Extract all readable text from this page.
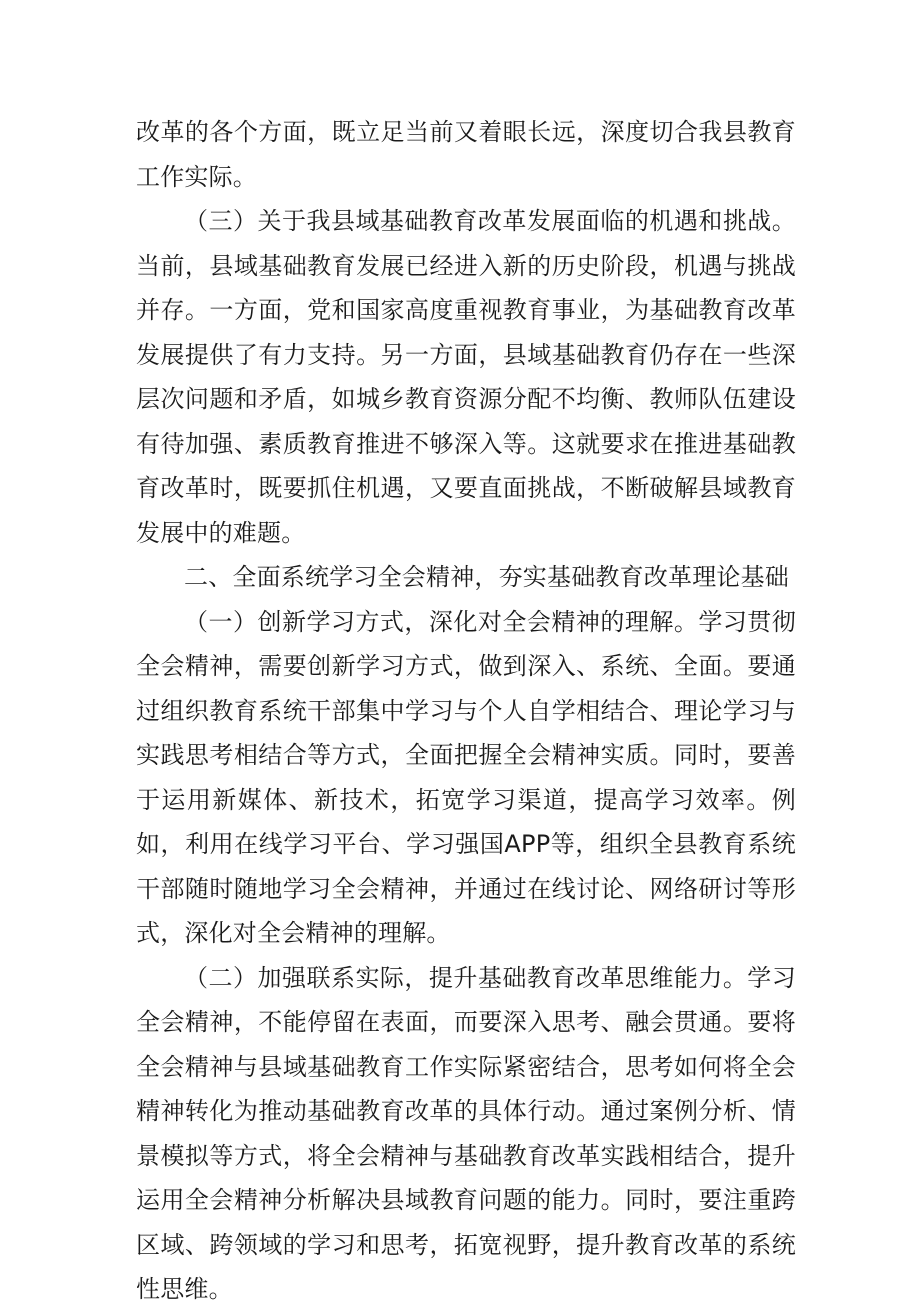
改革的各个方面，既立足当前又着眼长远，深度切合我县教育工作实际。

（三）关于我县域基础教育改革发展面临的机遇和挑战。当前，县域基础教育发展已经进入新的历史阶段，机遇与挑战并存。一方面，党和国家高度重视教育事业，为基础教育改革发展提供了有力支持。另一方面，县域基础教育仍存在一些深层次问题和矛盾，如城乡教育资源分配不均衡、教师队伍建设有待加强、素质教育推进不够深入等。这就要求在推进基础教育改革时，既要抓住机遇，又要直面挑战，不断破解县域教育发展中的难题。

二、全面系统学习全会精神，夯实基础教育改革理论基础

（一）创新学习方式，深化对全会精神的理解。学习贯彻全会精神，需要创新学习方式，做到深入、系统、全面。要通过组织教育系统干部集中学习与个人自学相结合、理论学习与实践思考相结合等方式，全面把握全会精神实质。同时，要善于运用新媒体、新技术，拓宽学习渠道，提高学习效率。例如，利用在线学习平台、学习强国APP等，组织全县教育系统干部随时随地学习全会精神，并通过在线讨论、网络研讨等形式，深化对全会精神的理解。

（二）加强联系实际，提升基础教育改革思维能力。学习全会精神，不能停留在表面，而要深入思考、融会贯通。要将全会精神与县域基础教育工作实际紧密结合，思考如何将全会精神转化为推动基础教育改革的具体行动。通过案例分析、情景模拟等方式，将全会精神与基础教育改革实践相结合，提升运用全会精神分析解决县域教育问题的能力。同时，要注重跨区域、跨领域的学习和思考，拓宽视野，提升教育改革的系统性思维。
